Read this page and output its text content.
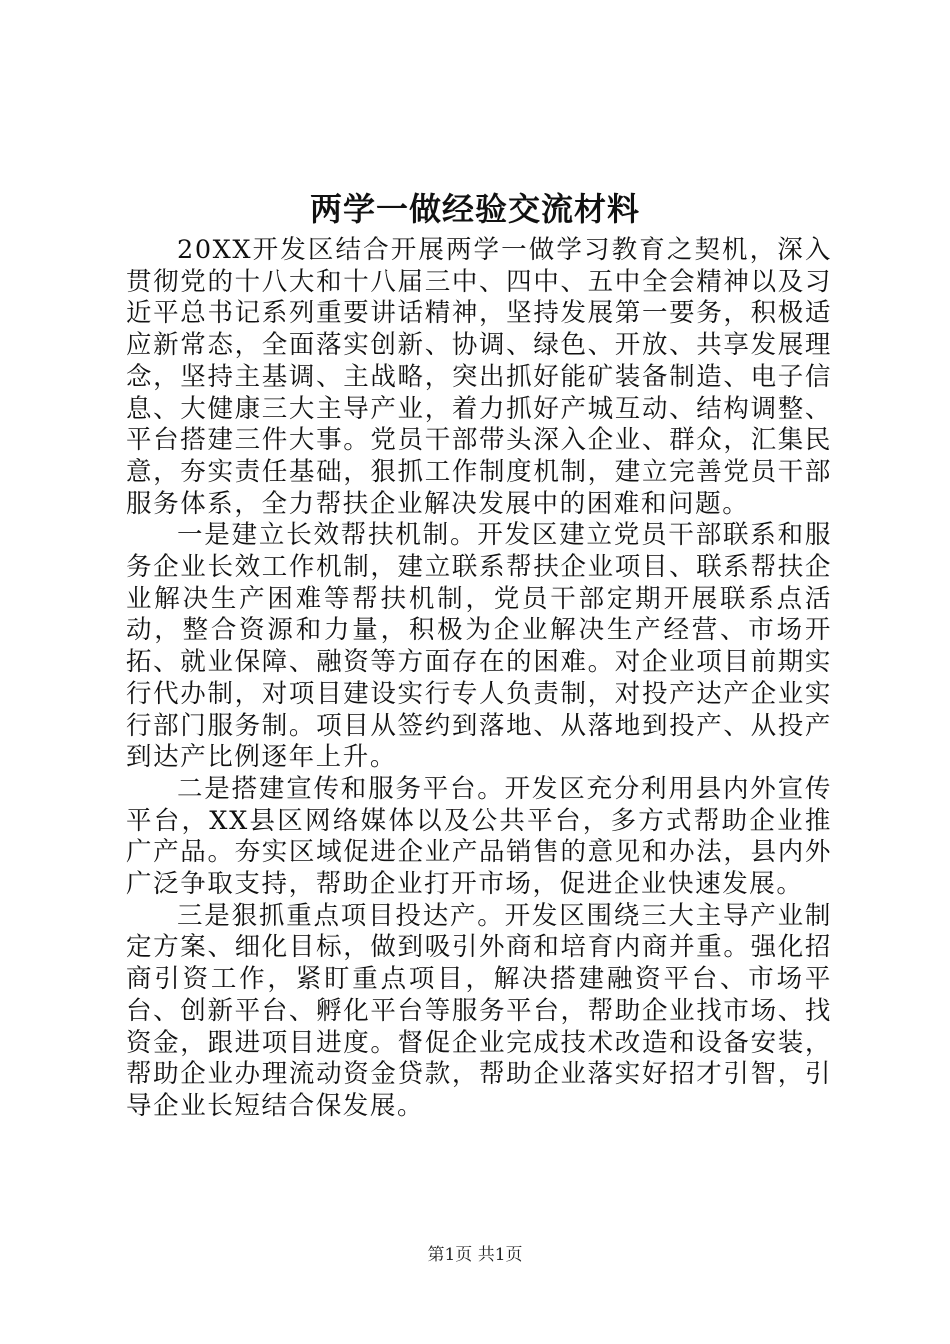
两学一做经验交流材料

20XX开发区结合开展两学一做学习教育之契机，深入贯彻党的十八大和十八届三中、四中、五中全会精神以及习近平总书记系列重要讲话精神，坚持发展第一要务，积极适应新常态，全面落实创新、协调、绿色、开放、共享发展理念，坚持主基调、主战略，突出抓好能矿装备制造、电子信息、大健康三大主导产业，着力抓好产城互动、结构调整、平台搭建三件大事。党员干部带头深入企业、群众，汇集民意，夯实责任基础，狠抓工作制度机制，建立完善党员干部服务体系，全力帮扶企业解决发展中的困难和问题。

一是建立长效帮扶机制。开发区建立党员干部联系和服务企业长效工作机制，建立联系帮扶企业项目、联系帮扶企业解决生产困难等帮扶机制，党员干部定期开展联系点活动，整合资源和力量，积极为企业解决生产经营、市场开拓、就业保障、融资等方面存在的困难。对企业项目前期实行代办制，对项目建设实行专人负责制，对投产达产企业实行部门服务制。项目从签约到落地、从落地到投产、从投产到达产比例逐年上升。

二是搭建宣传和服务平台。开发区充分利用县内外宣传平台，XX县区网络媒体以及公共平台，多方式帮助企业推广产品。夯实区域促进企业产品销售的意见和办法，县内外广泛争取支持，帮助企业打开市场，促进企业快速发展。

三是狠抓重点项目投达产。开发区围绕三大主导产业制定方案、细化目标，做到吸引外商和培育内商并重。强化招商引资工作，紧盯重点项目，解决搭建融资平台、市场平台、创新平台、孵化平台等服务平台，帮助企业找市场、找资金，跟进项目进度。督促企业完成技术改造和设备安装，帮助企业办理流动资金贷款，帮助企业落实好招才引智，引导企业长短结合保发展。

第1页 共1页
